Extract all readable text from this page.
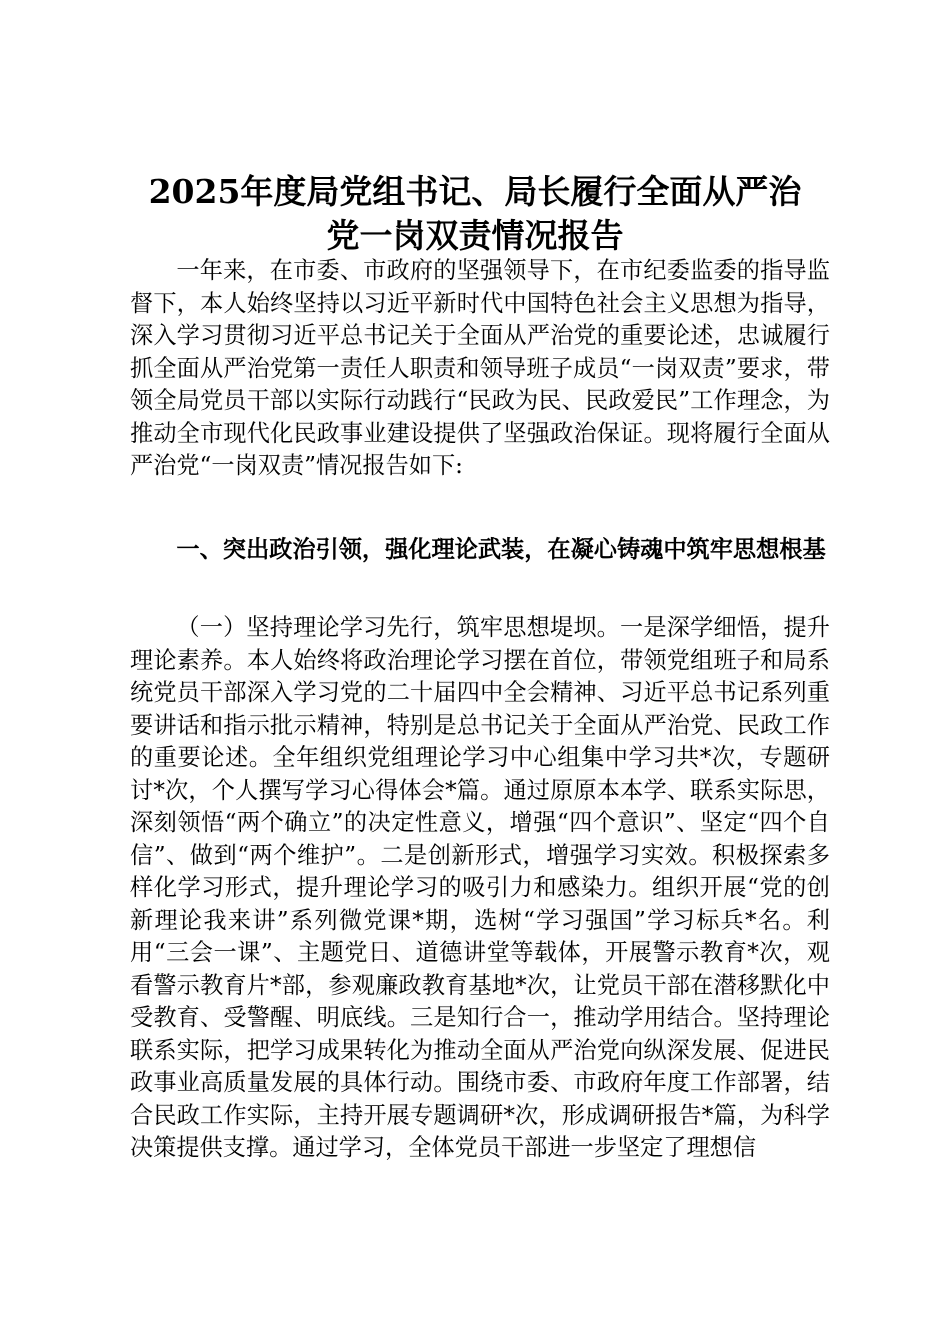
2025年度局党组书记、局长履行全面从严治
党一岗双责情况报告
一年来，在市委、市政府的坚强领导下，在市纪委监委的指导监督下，本人始终坚持以习近平新时代中国特色社会主义思想为指导，深入学习贯彻习近平总书记关于全面从严治党的重要论述，忠诚履行抓全面从严治党第一责任人职责和领导班子成员“一岗双责”要求，带领全局党员干部以实际行动践行“民政为民、民政爱民”工作理念，为推动全市现代化民政事业建设提供了坚强政治保证。现将履行全面从严治党“一岗双责”情况报告如下:
一、突出政治引领，强化理论武装，在凝心铸魂中筑牢思想根基
（一）坚持理论学习先行，筑牢思想堤坝。一是深学细悟，提升理论素养。本人始终将政治理论学习摆在首位，带领党组班子和局系统党员干部深入学习党的二十届四中全会精神、习近平总书记系列重要讲话和指示批示精神，特别是总书记关于全面从严治党、民政工作的重要论述。全年组织党组理论学习中心组集中学习共*次，专题研讨*次，个人撰写学习心得体会*篇。通过原原本本学、联系实际思，深刻领悟“两个确立”的决定性意义，增强“四个意识”、坚定“四个自信”、做到“两个维护”。二是创新形式，增强学习实效。积极探索多样化学习形式，提升理论学习的吸引力和感染力。组织开展“党的创新理论我来讲”系列微党课*期，选树“学习强国”学习标兵*名。利用“三会一课”、主题党日、道德讲堂等载体，开展警示教育*次，观看警示教育片*部，参观廉政教育基地*次，让党员干部在潜移默化中受教育、受警醒、明底线。三是知行合一，推动学用结合。坚持理论联系实际，把学习成果转化为推动全面从严治党向纵深发展、促进民政事业高质量发展的具体行动。围绕市委、市政府年度工作部署，结合民政工作实际，主持开展专题调研*次，形成调研报告*篇，为科学决策提供支撑。通过学习，全体党员干部进一步坚定了理想信
